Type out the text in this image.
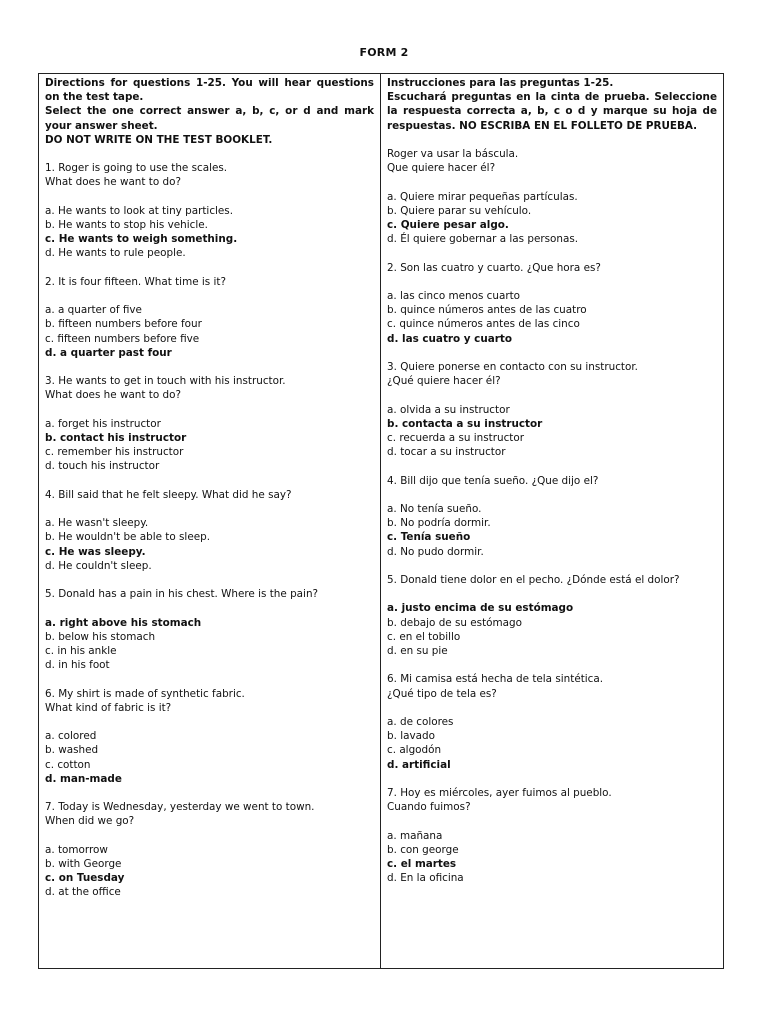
FORM 2
Directions for questions 1-25. You will hear questions
on the test tape.
Select the one correct answer a, b, c, or d and mark
your answer sheet.
DO NOT WRITE ON THE TEST BOOKLET.
1. Roger is going to use the scales.
What does he want to do?
a. He wants to look at tiny particles.
b. He wants to stop his vehicle.
c. He wants to weigh something.
d. He wants to rule people.
2. It is four fifteen. What time is it?
a. a quarter of five
b. fifteen numbers before four
c. fifteen numbers before five
d. a quarter past four
3. He wants to get in touch with his instructor.
What does he want to do?
a. forget his instructor
b. contact his instructor
c. remember his instructor
d. touch his instructor
4. Bill said that he felt sleepy. What did he say?
a. He wasn't sleepy.
b. He wouldn't be able to sleep.
c. He was sleepy.
d. He couldn't sleep.
5. Donald has a pain in his chest. Where is the pain?
a. right above his stomach
b. below his stomach
c. in his ankle
d. in his foot
6. My shirt is made of synthetic fabric.
What kind of fabric is it?
a. colored
b. washed
c. cotton
d. man-made
7. Today is Wednesday, yesterday we went to town.
When did we go?
a. tomorrow
b. with George
c. on Tuesday
d. at the office
Instrucciones para las preguntas 1-25.
Escuchará preguntas en la cinta de prueba. Seleccione
la respuesta correcta a, b, c o d y marque su hoja de
respuestas. NO ESCRIBA EN EL FOLLETO DE PRUEBA.
Roger va usar la báscula.
Que quiere hacer él?
a. Quiere mirar pequeñas partículas.
b. Quiere parar su vehículo.
c. Quiere pesar algo.
d. Él quiere gobernar a las personas.
2. Son las cuatro y cuarto. ¿Que hora es?
a. las cinco menos cuarto
b. quince números antes de las cuatro
c. quince números antes de las cinco
d. las cuatro y cuarto
3. Quiere ponerse en contacto con su instructor.
¿Qué quiere hacer él?
a. olvida a su instructor
b. contacta a su instructor
c. recuerda a su instructor
d. tocar a su instructor
4. Bill dijo que tenía sueño. ¿Que dijo el?
a. No tenía sueño.
b. No podría dormir.
c. Tenía sueño
d. No pudo dormir.
5. Donald tiene dolor en el pecho. ¿Dónde está el dolor?
a. justo encima de su estómago
b. debajo de su estómago
c. en el tobillo
d. en su pie
6. Mi camisa está hecha de tela sintética.
¿Qué tipo de tela es?
a. de colores
b. lavado
c. algodón
d. artificial
7. Hoy es miércoles, ayer fuimos al pueblo.
Cuando fuimos?
a. mañana
b. con george
c. el martes
d. En la oficina
